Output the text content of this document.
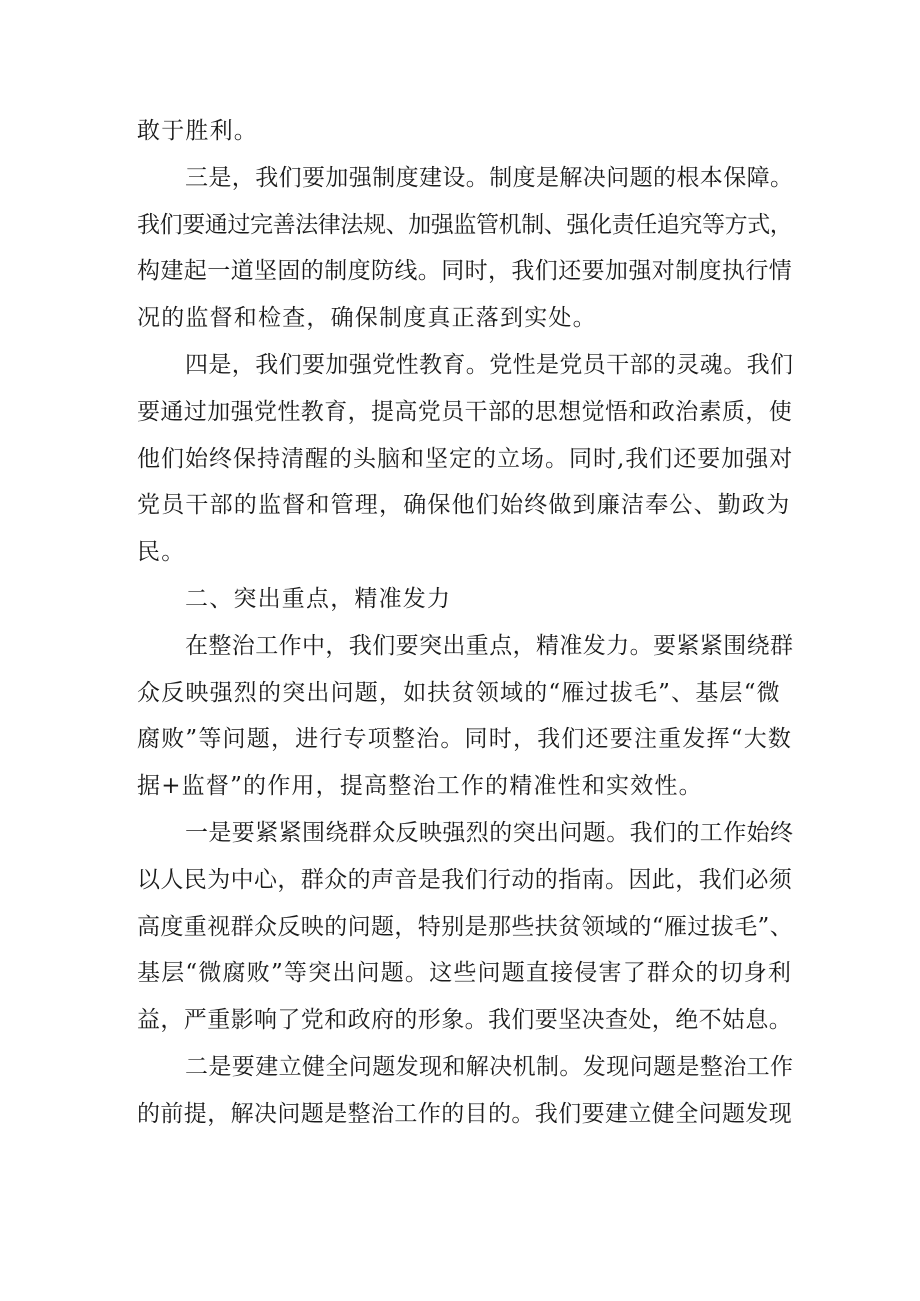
敢于胜利。
三是，我们要加强制度建设。制度是解决问题的根本保障。
我们要通过完善法律法规、加强监管机制、强化责任追究等方式，
构建起一道坚固的制度防线。同时，我们还要加强对制度执行情
况的监督和检查，确保制度真正落到实处。
四是，我们要加强党性教育。党性是党员干部的灵魂。我们
要通过加强党性教育，提高党员干部的思想觉悟和政治素质，使
他们始终保持清醒的头脑和坚定的立场。同时,我们还要加强对
党员干部的监督和管理，确保他们始终做到廉洁奉公、勤政为
民。
二、突出重点，精准发力
在整治工作中，我们要突出重点，精准发力。要紧紧围绕群
众反映强烈的突出问题，如扶贫领域的“雁过拔毛”、基层“微
腐败”等问题，进行专项整治。同时，我们还要注重发挥“大数
据+监督”的作用，提高整治工作的精准性和实效性。
一是要紧紧围绕群众反映强烈的突出问题。我们的工作始终
以人民为中心，群众的声音是我们行动的指南。因此，我们必须
高度重视群众反映的问题，特别是那些扶贫领域的“雁过拔毛”、
基层“微腐败”等突出问题。这些问题直接侵害了群众的切身利
益，严重影响了党和政府的形象。我们要坚决查处，绝不姑息。
二是要建立健全问题发现和解决机制。发现问题是整治工作
的前提，解决问题是整治工作的目的。我们要建立健全问题发现
